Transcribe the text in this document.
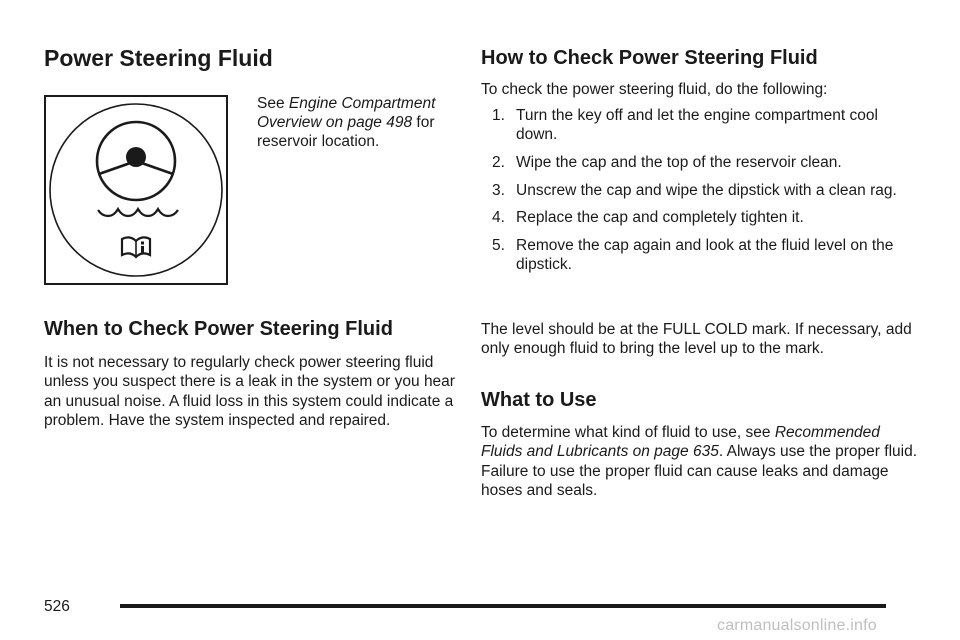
Power Steering Fluid
See Engine Compartment Overview on page 498 for reservoir location.
When to Check Power Steering Fluid

It is not necessary to regularly check power steering fluid unless you suspect there is a leak in the system or you hear an unusual noise. A fluid loss in this system could indicate a problem. Have the system inspected and repaired.

How to Check Power Steering Fluid

To check the power steering fluid, do the following:

1. Turn the key off and let the engine compartment cool down.
2. Wipe the cap and the top of the reservoir clean.
3. Unscrew the cap and wipe the dipstick with a clean rag.
4. Replace the cap and completely tighten it.
5. Remove the cap again and look at the fluid level on the dipstick.

The level should be at the FULL COLD mark. If necessary, add only enough fluid to bring the level up to the mark.

What to Use

To determine what kind of fluid to use, see Recommended Fluids and Lubricants on page 635. Always use the proper fluid. Failure to use the proper fluid can cause leaks and damage hoses and seals.

526
carmanualsonline.info
